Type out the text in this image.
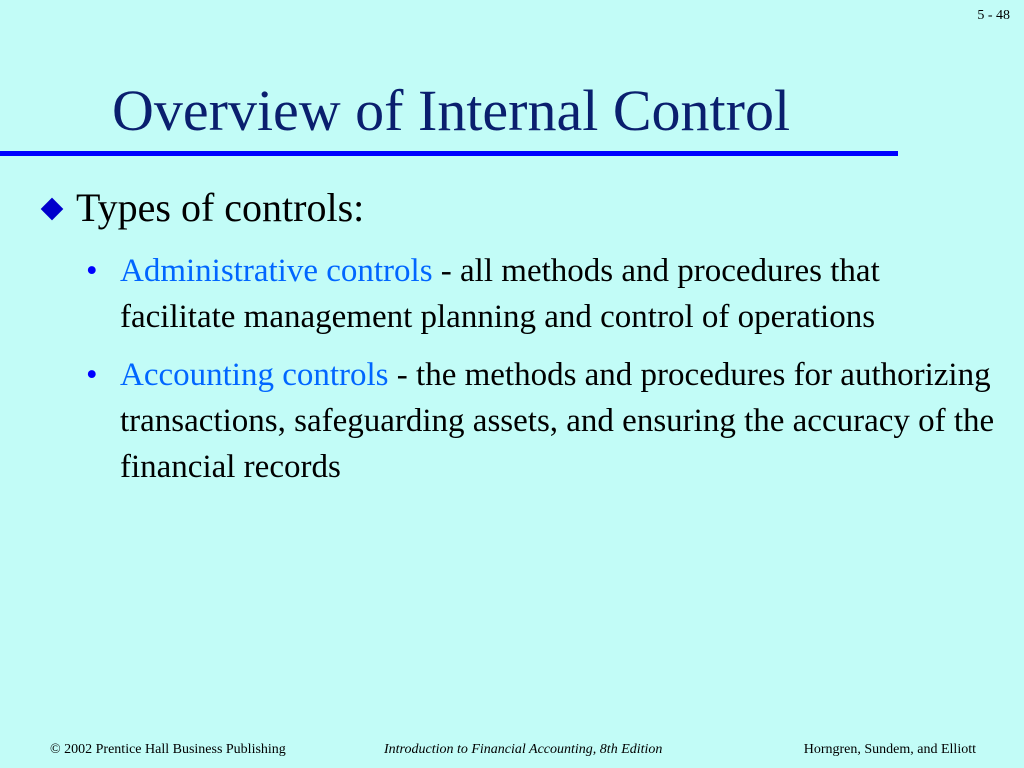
5 - 48
Overview of Internal Control
Types of controls:
• Administrative controls - all methods and procedures that facilitate management planning and control of operations
• Accounting controls - the methods and procedures for authorizing transactions, safeguarding assets, and ensuring the accuracy of the financial records
© 2002 Prentice Hall Business Publishing	Introduction to Financial Accounting, 8th Edition	Horngren, Sundem, and Elliott
